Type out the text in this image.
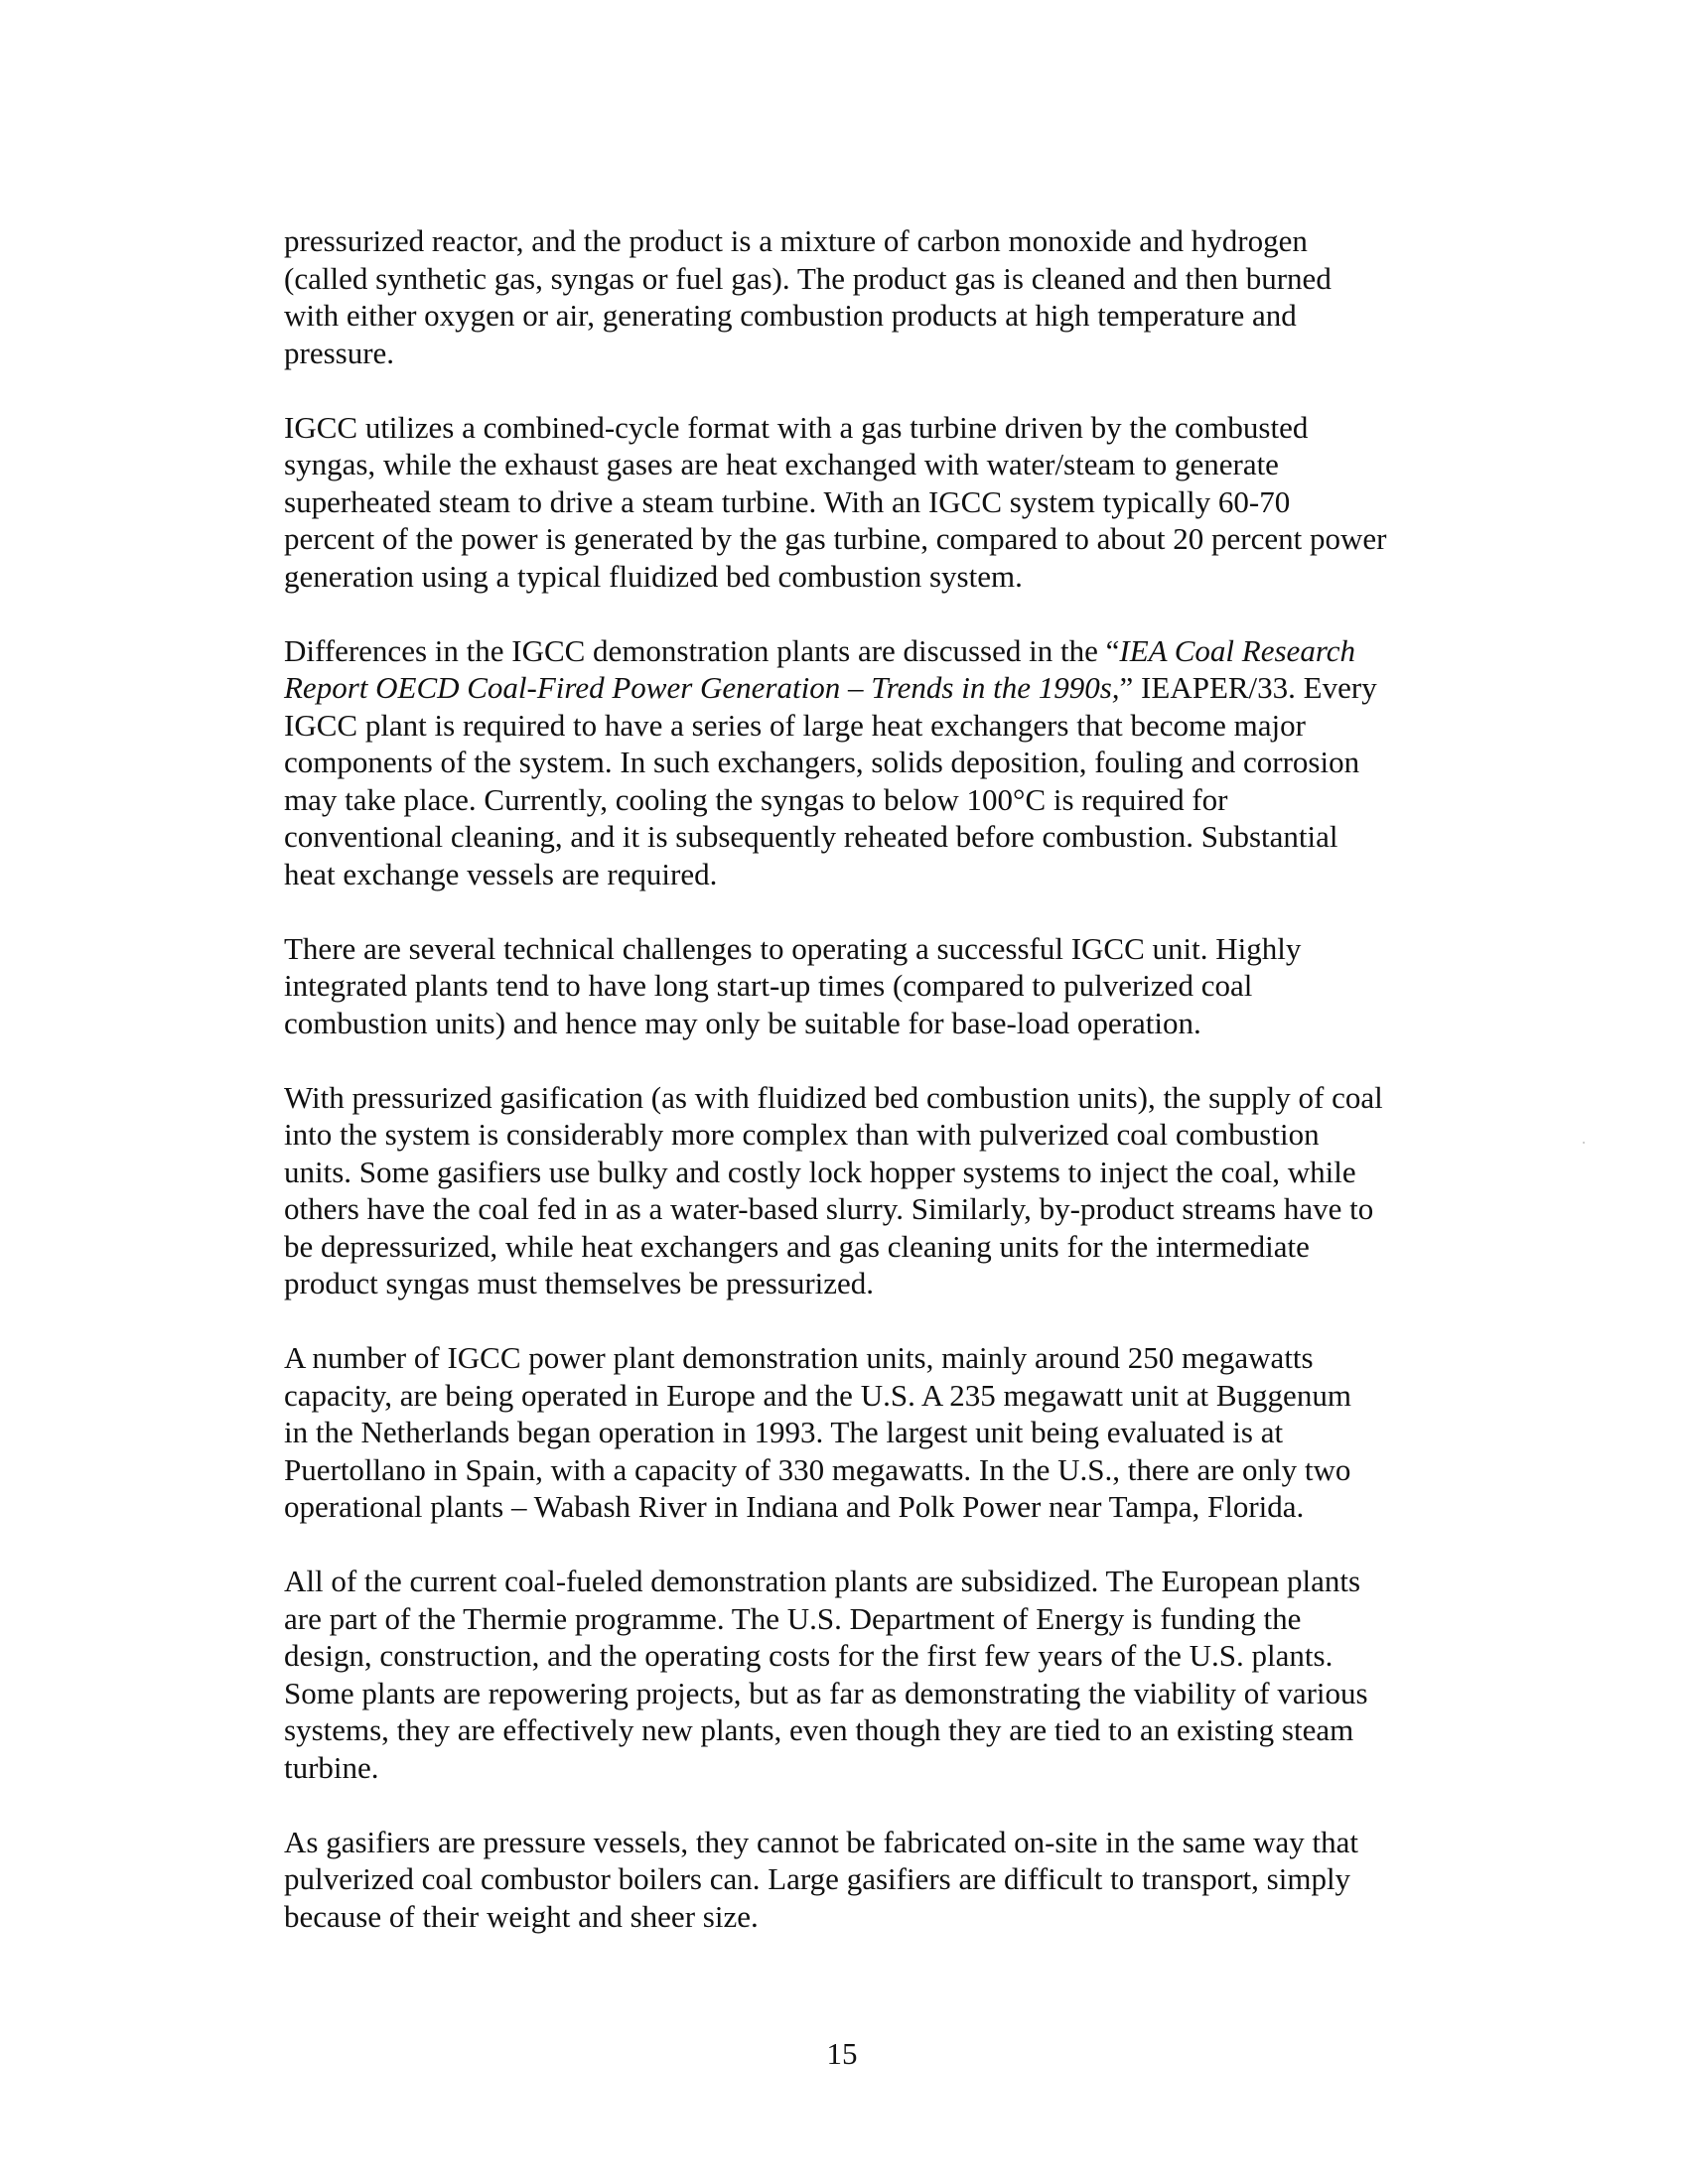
pressurized reactor, and the product is a mixture of carbon monoxide and hydrogen
(called synthetic gas, syngas or fuel gas). The product gas is cleaned and then burned
with either oxygen or air, generating combustion products at high temperature and
pressure.

IGCC utilizes a combined-cycle format with a gas turbine driven by the combusted
syngas, while the exhaust gases are heat exchanged with water/steam to generate
superheated steam to drive a steam turbine. With an IGCC system typically 60-70
percent of the power is generated by the gas turbine, compared to about 20 percent power
generation using a typical fluidized bed combustion system.

Differences in the IGCC demonstration plants are discussed in the “IEA Coal Research
Report OECD Coal-Fired Power Generation – Trends in the 1990s,” IEAPER/33. Every
IGCC plant is required to have a series of large heat exchangers that become major
components of the system. In such exchangers, solids deposition, fouling and corrosion
may take place. Currently, cooling the syngas to below 100°C is required for
conventional cleaning, and it is subsequently reheated before combustion. Substantial
heat exchange vessels are required.

There are several technical challenges to operating a successful IGCC unit. Highly
integrated plants tend to have long start-up times (compared to pulverized coal
combustion units) and hence may only be suitable for base-load operation.

With pressurized gasification (as with fluidized bed combustion units), the supply of coal
into the system is considerably more complex than with pulverized coal combustion
units. Some gasifiers use bulky and costly lock hopper systems to inject the coal, while
others have the coal fed in as a water-based slurry. Similarly, by-product streams have to
be depressurized, while heat exchangers and gas cleaning units for the intermediate
product syngas must themselves be pressurized.

A number of IGCC power plant demonstration units, mainly around 250 megawatts
capacity, are being operated in Europe and the U.S. A 235 megawatt unit at Buggenum
in the Netherlands began operation in 1993. The largest unit being evaluated is at
Puertollano in Spain, with a capacity of 330 megawatts. In the U.S., there are only two
operational plants – Wabash River in Indiana and Polk Power near Tampa, Florida.

All of the current coal-fueled demonstration plants are subsidized. The European plants
are part of the Thermie programme. The U.S. Department of Energy is funding the
design, construction, and the operating costs for the first few years of the U.S. plants.
Some plants are repowering projects, but as far as demonstrating the viability of various
systems, they are effectively new plants, even though they are tied to an existing steam
turbine.

As gasifiers are pressure vessels, they cannot be fabricated on-site in the same way that
pulverized coal combustor boilers can. Large gasifiers are difficult to transport, simply
because of their weight and sheer size.

15
